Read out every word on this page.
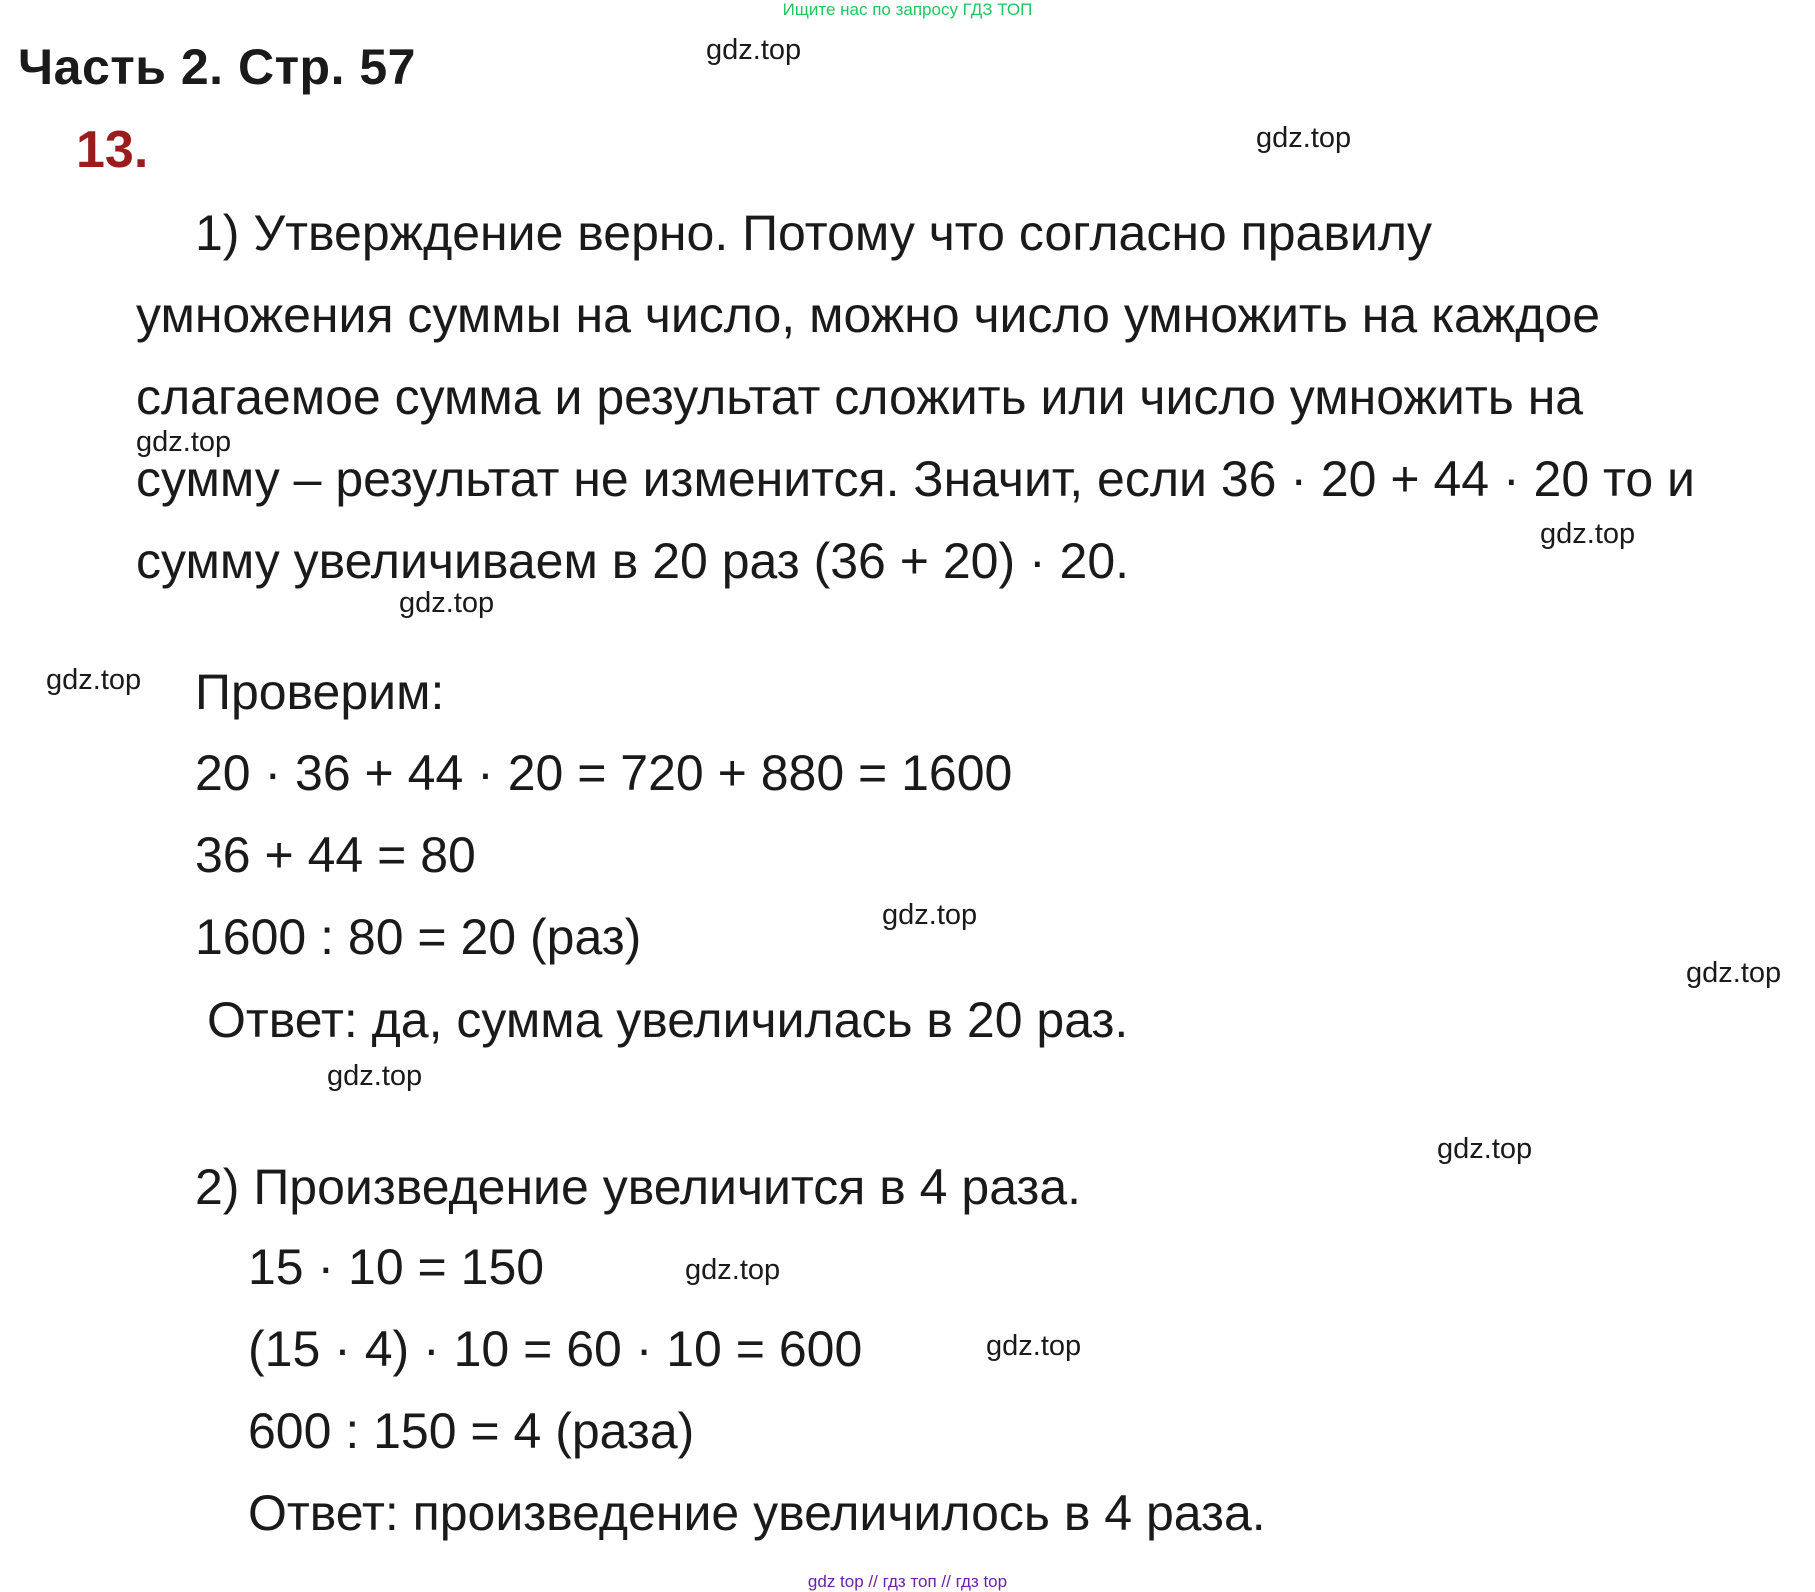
Ищите нас по запросу ГДЗ ТОП
Часть 2. Стр. 57
13.
1) Утверждение верно. Потому что согласно правилу
умножения суммы на число, можно число умножить на каждое
слагаемое сумма и результат сложить или число умножить на
сумму – результат не изменится. Значит, если 36 · 20 + 44 · 20 то и
сумму увеличиваем в 20 раз (36 + 20) · 20.
Проверим:
20 · 36 + 44 · 20 = 720 + 880 = 1600
36 + 44 = 80
1600 : 80 = 20 (раз)
Ответ: да, сумма увеличилась в 20 раз.
2) Произведение увеличится в 4 раза.
15 · 10 = 150
(15 · 4) · 10 = 60 · 10 = 600
600 : 150 = 4 (раза)
Ответ: произведение увеличилось в 4 раза.
gdz.top
gdz.top
gdz.top
gdz.top
gdz.top
gdz.top
gdz.top
gdz.top
gdz.top
gdz.top
gdz.top
gdz.top
gdz top // гдз топ // гдз top
